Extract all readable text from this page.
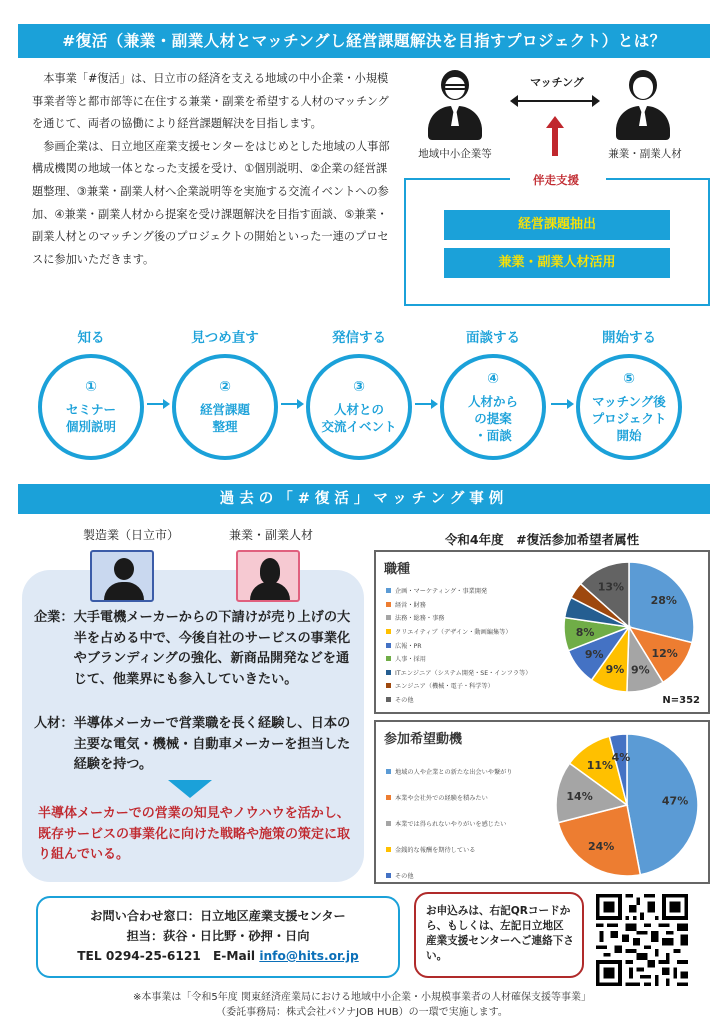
#復活（兼業・副業人材とマッチングし経営課題解決を目指すプロジェクト）とは？

本事業「#復活」は、日立市の経済を支える地域の中小企業・小規模事業者等と都市部等に在住する兼業・副業を希望する人材のマッチングを通じて、両者の協働により経営課題解決を目指します。

参画企業は、日立地区産業支援センターをはじめとした地域の人事部構成機関の地域一体となった支援を受け、①個別説明、②企業の経営課題整理、③兼業・副業人材へ企業説明等を実施する交流イベントへの参加、④兼業・副業人材から提案を受け課題解決を目指す面談、⑤兼業・副業人材とのマッチング後のプロジェクトの開始といった一連のプロセスに参加いただきます。

地域中小企業等	兼業・副業人材
マッチング
経営課題抽出
兼業・副業人材活用
伴走支援
知る	見つめ直す	発信する	面談する	開始する
①
セミナー
個別説明
②
経営課題
整理
③
人材との
交流イベント
④
人材から
の提案
・面談
⑤
マッチング後
プロジェクト
開始
過去の「#復活」マッチング事例
製造業（日立市）	兼業・副業人材
企業： 大手電機メーカーからの下請けが売り上げの大半を占める中で、今後自社のサービスの事業化やブランディングの強化、新商品開発などを通じて、他業界にも参入していきたい。
人材： 半導体メーカーで営業職を長く経験し、日本の主要な電気・機械・自動車メーカーを担当した経験を持つ。
半導体メーカーでの営業の知見やノウハウを活かし、既存サービスの事業化に向けた戦略や施策の策定に取り組んでいる。
令和4年度　#復活参加希望者属性
職種
企画・マーケティング・事業開発
経営・財務
法務・総務・事務
クリエイティブ（デザイン・動画編集等）
広報・PR
人事・採用
ITエンジニア（システム開発・SE・インフラ等）
エンジニア（機械・電子・科学等）
その他
28%
12%
9%
9%
9%
8%
13%
N=352
参加希望動機
地域の人や企業との新たな出会いや繋がり
本業や会社外での経験を積みたい
本業では得られないやりがいを感じたい
金銭的な報酬を期待している
その他
47%
24%
14%
11%
4%
お問い合わせ窓口：日立地区産業支援センター
担当：荻谷・日比野・砂押・日向
TEL 0294-25-6121　E-Mail info@hits.or.jp
お申込みは、右記QRコードから、もしくは、左記日立地区産業支援センターへご連絡下さい。
※本事業は「令和5年度 関東経済産業局における地域中小企業・小規模事業者の人材確保支援等事業」
（委託事務局：株式会社パソナJOB HUB）の一環で実施します。
